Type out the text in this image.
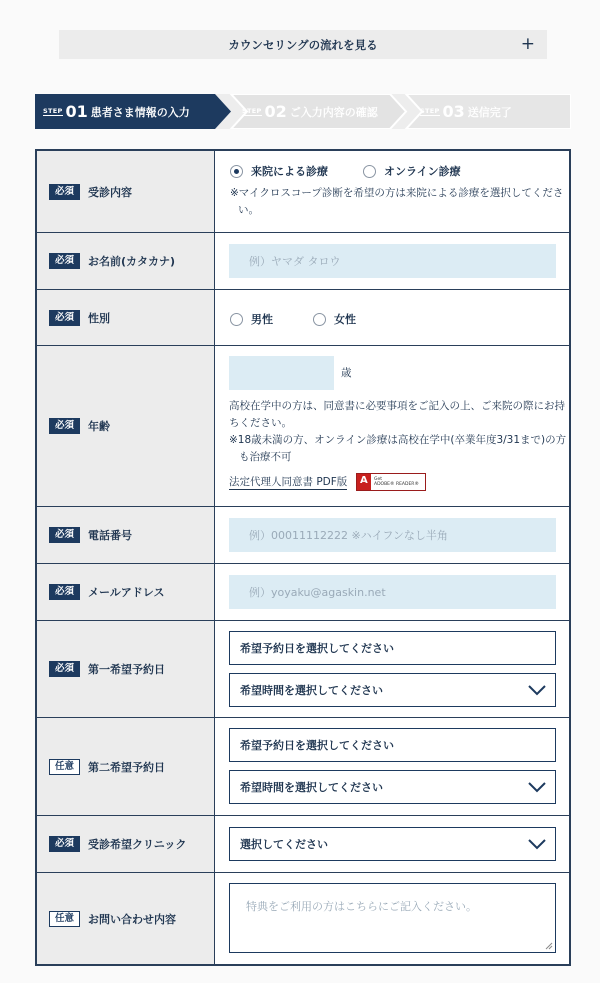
カウンセリングの流れを見る	+
STEP 01 患者さま情報の入力	STEP 02 ご入力内容の確認	STEP 03 送信完了
必須	受診内容
来院による診療	オンライン診療
※マイクロスコープ診断を希望の方は来院による診療を選択してくださ
い。
必須	お名前(カタカナ)	例）ヤマダ タロウ
必須	性別	男性	女性
必須	年齢
歳
高校在学中の方は、同意書に必要事項をご記入の上、ご来院の際にお持
ちください。
※18歳未満の方、オンライン診療は高校在学中(卒業年度3/31まで)の方
も治療不可
法定代理人同意書 PDF版
A	Get
ADOBE® READER®
必須	電話番号	例）00011112222 ※ハイフンなし半角
必須	メールアドレス	例）yoyaku@agaskin.net
必須	第一希望予約日
希望予約日を選択してください
希望時間を選択してください
任意	第二希望予約日
希望予約日を選択してください
希望時間を選択してください
必須	受診希望クリニック	選択してください
任意	お問い合わせ内容
特典をご利用の方はこちらにご記入ください。
